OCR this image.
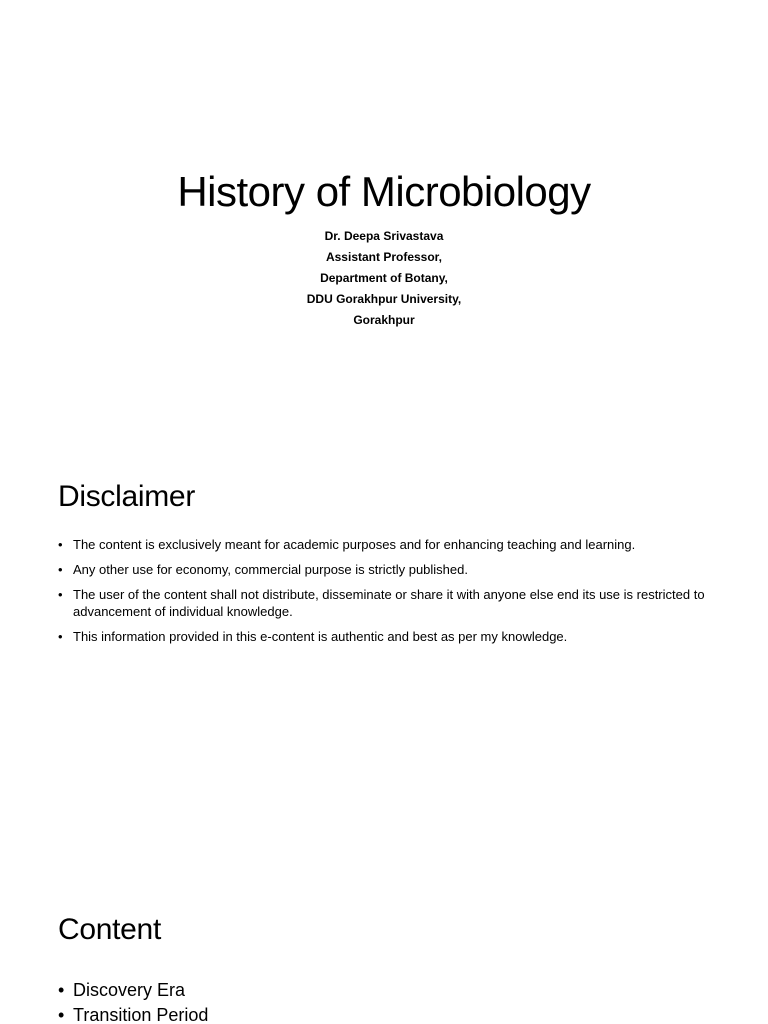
History of Microbiology
Dr. Deepa Srivastava
Assistant Professor,
Department of Botany,
DDU Gorakhpur University,
Gorakhpur
Disclaimer
• The content is exclusively meant for academic purposes and for enhancing teaching and learning.
• Any other use for economy, commercial purpose is strictly published.
• The user of the content shall not distribute, disseminate or share it with anyone else end its use is restricted to advancement of individual knowledge.
• This information provided in this e-content is authentic and best as per my knowledge.
Content
• Discovery Era
• Transition Period
